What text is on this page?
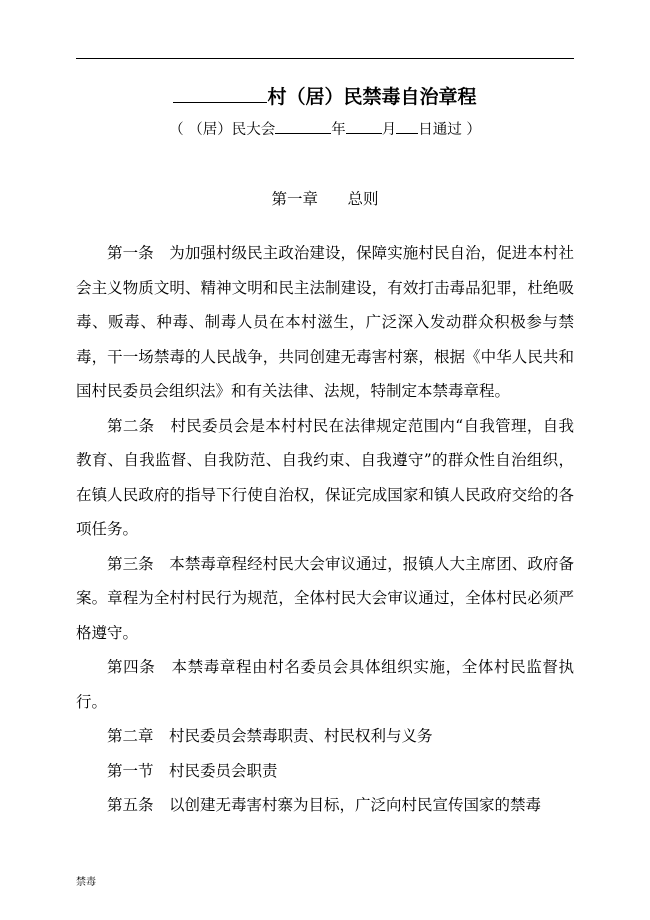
村（居）民禁毒自治章程
（ （居）民大会	年 月 日通过 ）
第一章      总则

第一条　为加强村级民主政治建设，保障实施村民自治，促进本村社会主义物质文明、精神文明和民主法制建设，有效打击毒品犯罪，杜绝吸毒、贩毒、种毒、制毒人员在本村滋生，广泛深入发动群众积极参与禁毒，干一场禁毒的人民战争，共同创建无毒害村寨，根据《中华人民共和国村民委员会组织法》和有关法律、法规，特制定本禁毒章程。

第二条　村民委员会是本村村民在法律规定范围内“自我管理，自我教育、自我监督、自我防范、自我约束、自我遵守”的群众性自治组织，在镇人民政府的指导下行使自治权，保证完成国家和镇人民政府交给的各项任务。

第三条　本禁毒章程经村民大会审议通过，报镇人大主席团、政府备案。章程为全村村民行为规范，全体村民大会审议通过，全体村民必须严格遵守。

第四条　本禁毒章程由村名委员会具体组织实施，全体村民监督执行。

第二章　村民委员会禁毒职责、村民权利与义务

第一节　村民委员会职责

第五条　以创建无毒害村寨为目标，广泛向村民宣传国家的禁毒

禁毒
